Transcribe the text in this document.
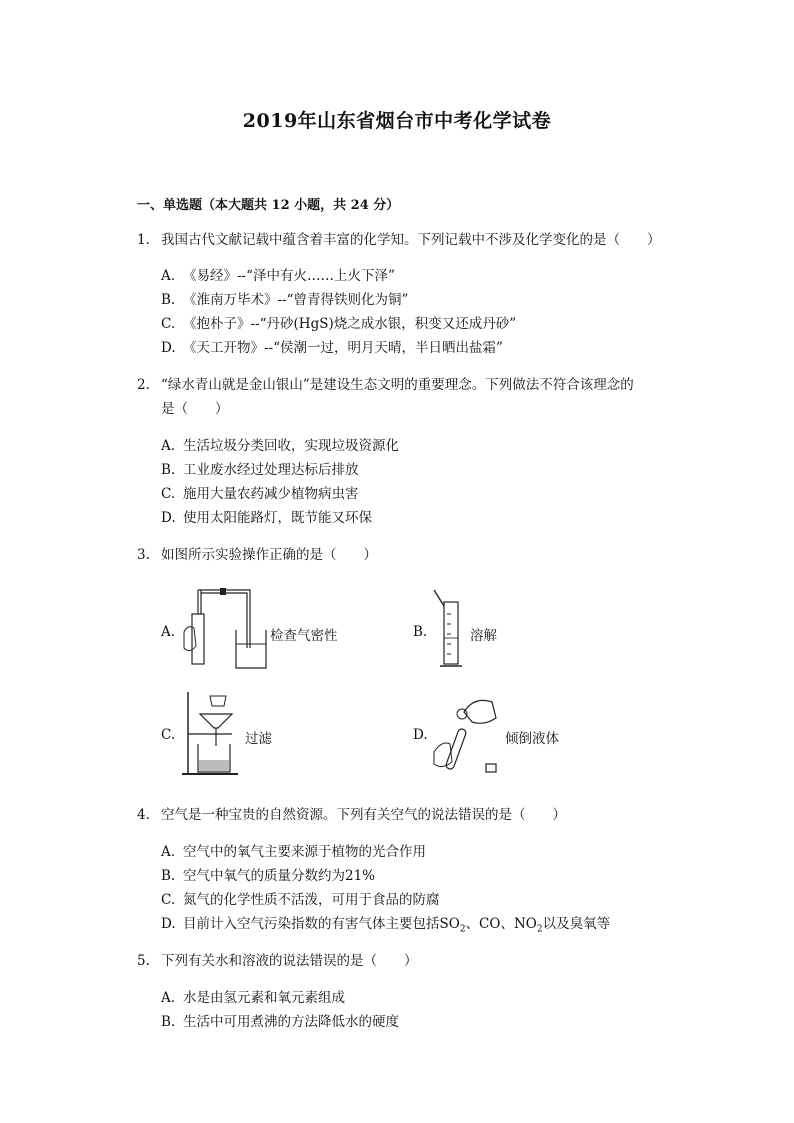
2019年山东省烟台市中考化学试卷
一、单选题（本大题共 12 小题，共 24 分）
1. 我国古代文献记载中蕴含着丰富的化学知。下列记载中不涉及化学变化的是（　　）
A. 《易经》--“泽中有火……上火下泽”
B. 《淮南万毕术》--“曾青得铁则化为铜”
C. 《抱朴子》--“丹砂(HgS)烧之成水银，积变又还成丹砂”
D. 《天工开物》--“侯潮一过，明月天晴，半日晒出盐霜”
2. “绿水青山就是金山银山”是建设生态文明的重要理念。下列做法不符合该理念的
是（　　）
A. 生活垃圾分类回收，实现垃圾资源化
B. 工业废水经过处理达标后排放
C. 施用大量农药减少植物病虫害
D. 使用太阳能路灯，既节能又环保
3. 如图所示实验操作正确的是（　　）
A.	检查气密性	B.	溶解
C.	过滤	D.	倾倒液体
4. 空气是一种宝贵的自然资源。下列有关空气的说法错误的是（　　）
A. 空气中的氧气主要来源于植物的光合作用
B. 空气中氧气的质量分数约为21%
C. 氮气的化学性质不活泼，可用于食品的防腐
D. 目前计入空气污染指数的有害气体主要包括$SO_2$、CO、$NO_2$以及臭氧等
5. 下列有关水和溶液的说法错误的是（　　）
A. 水是由氢元素和氧元素组成
B. 生活中可用煮沸的方法降低水的硬度
